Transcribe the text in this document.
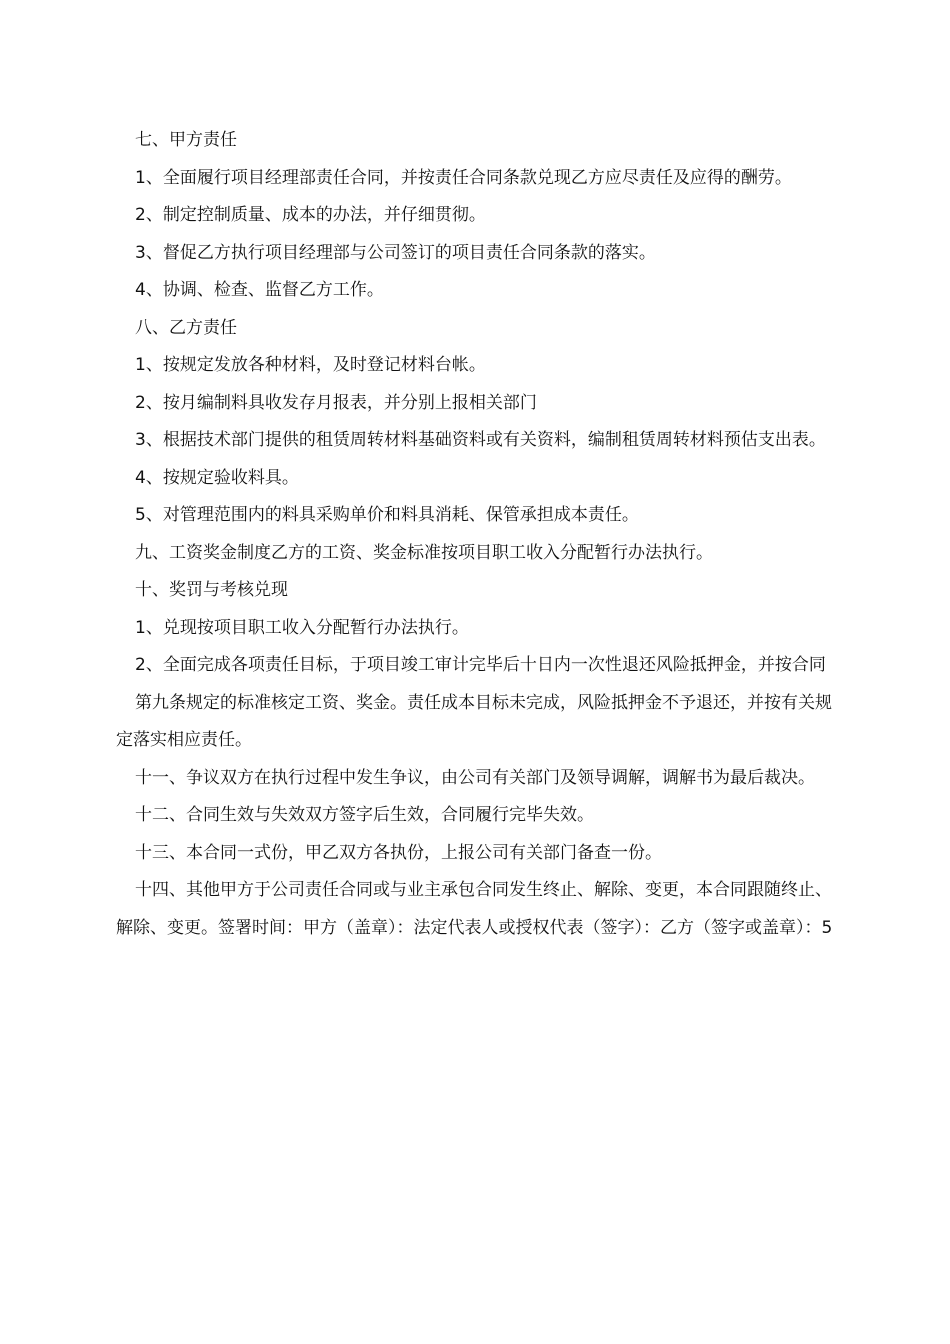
七、甲方责任

1、全面履行项目经理部责任合同，并按责任合同条款兑现乙方应尽责任及应得的酬劳。

2、制定控制质量、成本的办法，并仔细贯彻。

3、督促乙方执行项目经理部与公司签订的项目责任合同条款的落实。

4、协调、检查、监督乙方工作。

八、乙方责任

1、按规定发放各种材料，及时登记材料台帐。

2、按月编制料具收发存月报表，并分别上报相关部门

3、根据技术部门提供的租赁周转材料基础资料或有关资料，编制租赁周转材料预估支出表。

4、按规定验收料具。

5、对管理范围内的料具采购单价和料具消耗、保管承担成本责任。

九、工资奖金制度乙方的工资、奖金标准按项目职工收入分配暂行办法执行。

十、奖罚与考核兑现

1、兑现按项目职工收入分配暂行办法执行。

2、全面完成各项责任目标，于项目竣工审计完毕后十日内一次性退还风险抵押金，并按合同

第九条规定的标准核定工资、奖金。责任成本目标未完成，风险抵押金不予退还，并按有关规定落实相应责任。

十一、争议双方在执行过程中发生争议，由公司有关部门及领导调解，调解书为最后裁决。

十二、合同生效与失效双方签字后生效，合同履行完毕失效。

十三、本合同一式份，甲乙双方各执份，上报公司有关部门备查一份。

十四、其他甲方于公司责任合同或与业主承包合同发生终止、解除、变更，本合同跟随终止、解除、变更。签署时间：甲方（盖章）：法定代表人或授权代表（签字）：乙方（签字或盖章）：5
